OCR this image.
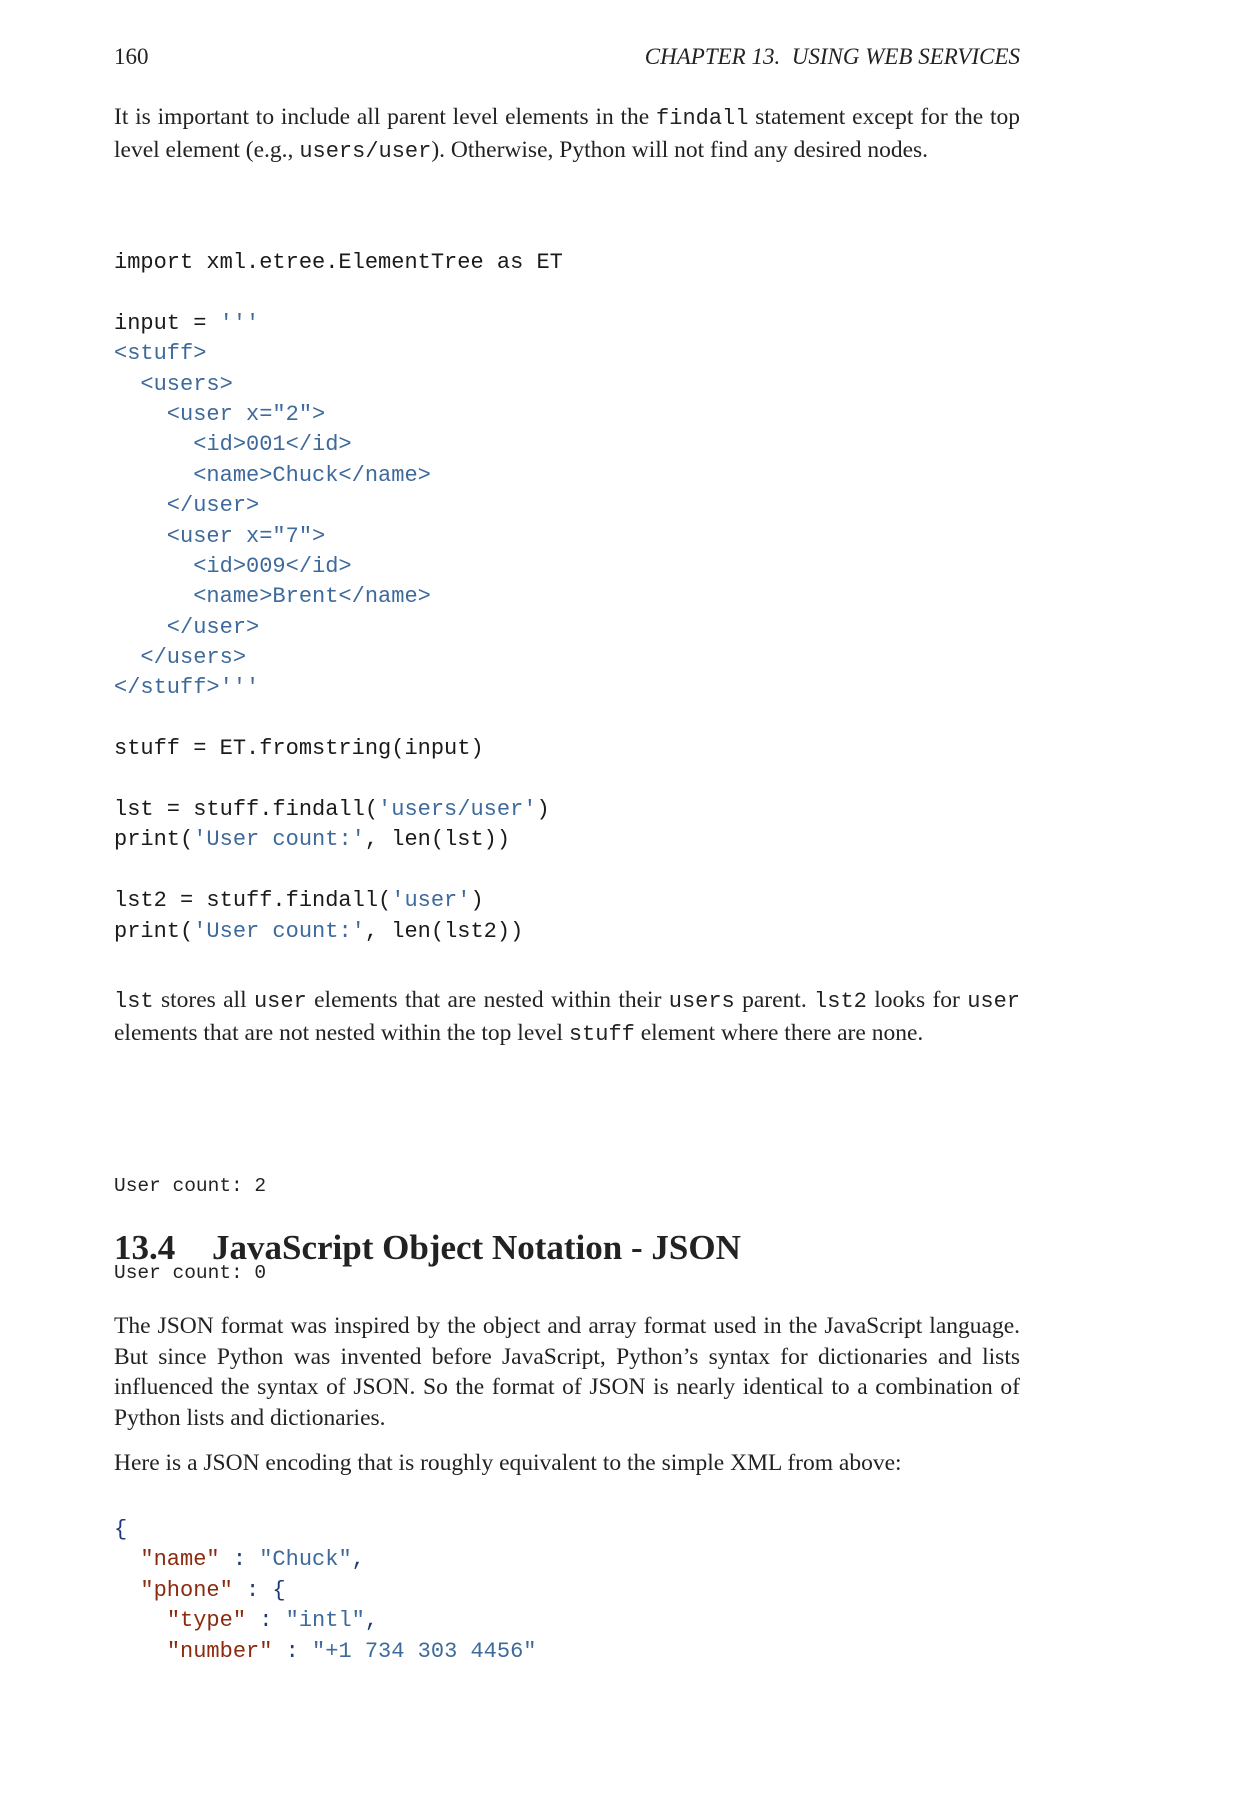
160	CHAPTER 13.  USING WEB SERVICES

It is important to include all parent level elements in the findall statement except for the top level element (e.g., users/user). Otherwise, Python will not find any desired nodes.

import xml.etree.ElementTree as ET
input = '''
<stuff>
<users>
<user x="2">
<id>001</id>
<name>Chuck</name>
</user>
<user x="7">
<id>009</id>
<name>Brent</name>
</user>
</users>
</stuff>'''
stuff = ET.fromstring(input)
lst = stuff.findall('users/user')
print('User count:', len(lst))
lst2 = stuff.findall('user')
print('User count:', len(lst2))

lst stores all user elements that are nested within their users parent. lst2 looks for user elements that are not nested within the top level stuff element where there are none.

User count: 2

User count: 0

13.4 JavaScript Object Notation - JSON

The JSON format was inspired by the object and array format used in the JavaScript language. But since Python was invented before JavaScript, Python’s syntax for dictionaries and lists influenced the syntax of JSON. So the format of JSON is nearly identical to a combination of Python lists and dictionaries.

Here is a JSON encoding that is roughly equivalent to the simple XML from above:

{
"name" : "Chuck",
"phone" : {
"type" : "intl",
"number" : "+1 734 303 4456"
